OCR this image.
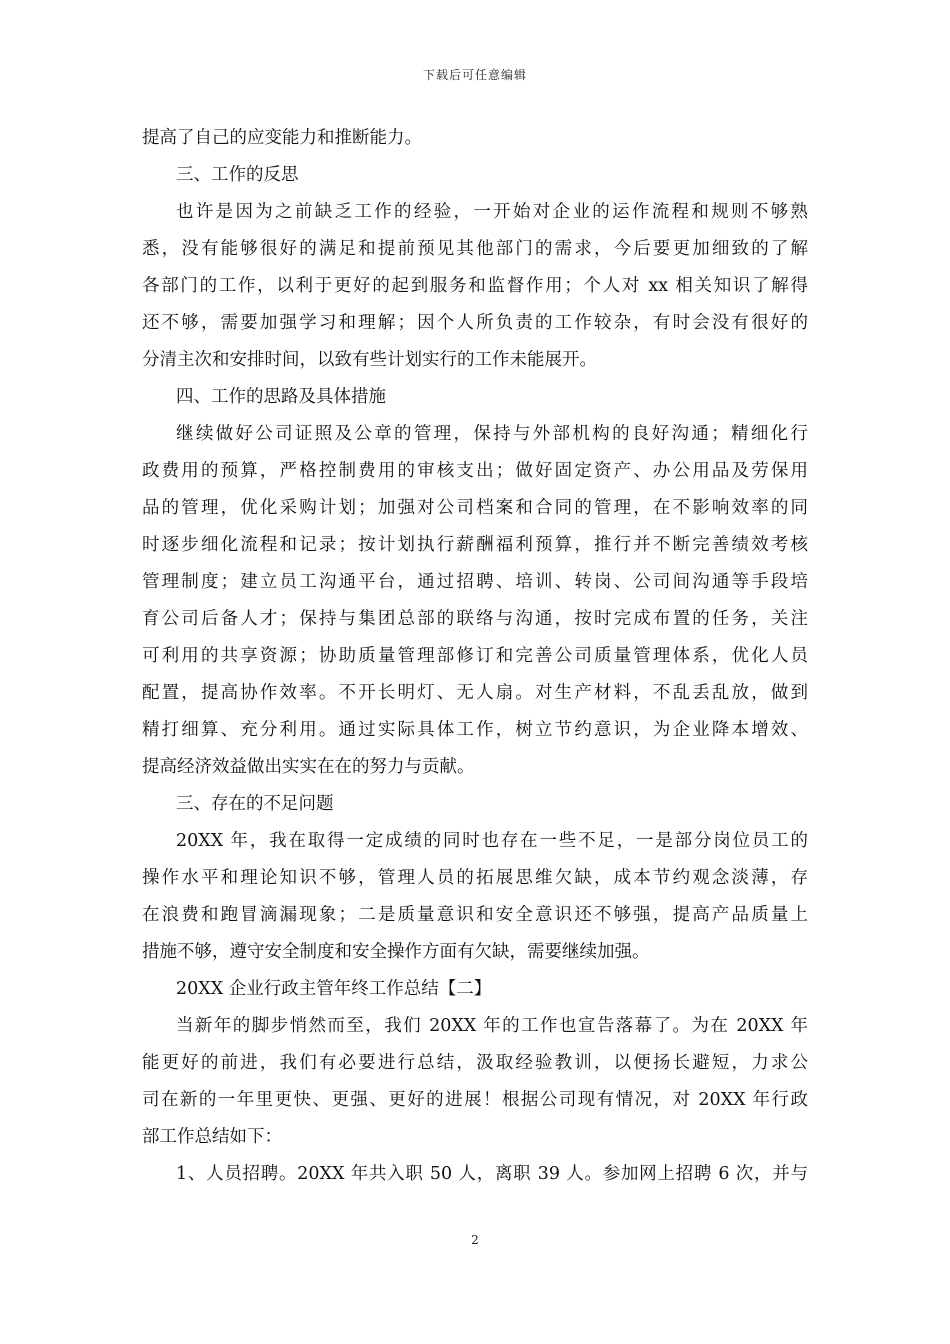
下载后可任意编辑
提高了自己的应变能力和推断能力。
三、工作的反思
也许是因为之前缺乏工作的经验，一开始对企业的运作流程和规则不够熟
悉，没有能够很好的满足和提前预见其他部门的需求，今后要更加细致的了解
各部门的工作，以利于更好的起到服务和监督作用；个人对 xx 相关知识了解得
还不够，需要加强学习和理解；因个人所负责的工作较杂，有时会没有很好的
分清主次和安排时间，以致有些计划实行的工作未能展开。
四、工作的思路及具体措施
继续做好公司证照及公章的管理，保持与外部机构的良好沟通；精细化行
政费用的预算，严格控制费用的审核支出；做好固定资产、办公用品及劳保用
品的管理，优化采购计划；加强对公司档案和合同的管理，在不影响效率的同
时逐步细化流程和记录；按计划执行薪酬福利预算，推行并不断完善绩效考核
管理制度；建立员工沟通平台，通过招聘、培训、转岗、公司间沟通等手段培
育公司后备人才；保持与集团总部的联络与沟通，按时完成布置的任务，关注
可利用的共享资源；协助质量管理部修订和完善公司质量管理体系，优化人员
配置，提高协作效率。不开长明灯、无人扇。对生产材料，不乱丢乱放，做到
精打细算、充分利用。通过实际具体工作，树立节约意识，为企业降本增效、
提高经济效益做出实实在在的努力与贡献。
三、存在的不足问题
20XX 年，我在取得一定成绩的同时也存在一些不足，一是部分岗位员工的
操作水平和理论知识不够，管理人员的拓展思维欠缺，成本节约观念淡薄，存
在浪费和跑冒滴漏现象；二是质量意识和安全意识还不够强，提高产品质量上
措施不够，遵守安全制度和安全操作方面有欠缺，需要继续加强。
20XX 企业行政主管年终工作总结【二】
当新年的脚步悄然而至，我们 20XX 年的工作也宣告落幕了。为在 20XX 年
能更好的前进，我们有必要进行总结，汲取经验教训，以便扬长避短，力求公
司在新的一年里更快、更强、更好的进展！根据公司现有情况，对 20XX 年行政
部工作总结如下：
1、人员招聘。20XX 年共入职 50 人，离职 39 人。参加网上招聘 6 次，并与
2
